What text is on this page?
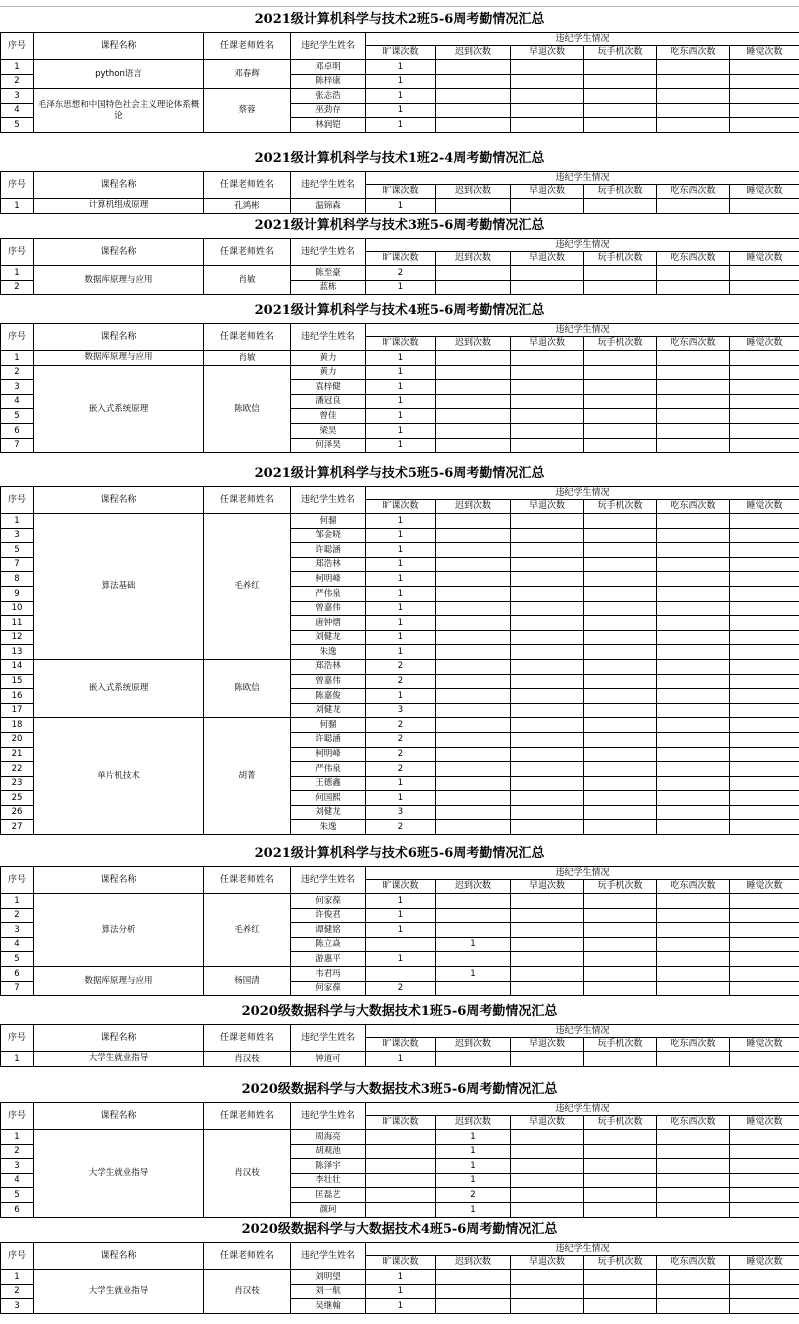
2021级计算机科学与技术2班5-6周考勤情况汇总
序号	课程名称	任课老师姓名	违纪学生姓名	违纪学生情况					
				旷课次数	迟到次数	早退次数	玩手机次数	吃东西次数	睡觉次数
1	python语言	邓春辉	邓卓明	1					
2			陈梓康	1					
3	毛泽东思想和中国特色社会主义理论体系概论	蔡蓉	张志浩	1					
4			巫劲存	1					
5			林润铠	1					
2021级计算机科学与技术1班2-4周考勤情况汇总
序号	课程名称	任课老师姓名	违纪学生姓名	违纪学生情况					
				旷课次数	迟到次数	早退次数	玩手机次数	吃东西次数	睡觉次数
1	计算机组成原理	孔鸿彬	温锦森	1					
2021级计算机科学与技术3班5-6周考勤情况汇总
序号	课程名称	任课老师姓名	违纪学生姓名	违纪学生情况					
				旷课次数	迟到次数	早退次数	玩手机次数	吃东西次数	睡觉次数
1	数据库原理与应用	肖敏	陈至豪	2					
2			蓝栋	1					
2021级计算机科学与技术4班5-6周考勤情况汇总
序号	课程名称	任课老师姓名	违纪学生姓名	违纪学生情况					
				旷课次数	迟到次数	早退次数	玩手机次数	吃东西次数	睡觉次数
1	数据库原理与应用	肖敏	黄力	1					
2	嵌入式系统原理	陈欧信	黄力	1					
3			袁梓健	1					
4			潘冠良	1					
5			曾佳	1					
6			梁昊	1					
7			何泽昊	1					
2021级计算机科学与技术5班5-6周考勤情况汇总
序号	课程名称	任课老师姓名	违纪学生姓名	违纪学生情况					
				旷课次数	迟到次数	早退次数	玩手机次数	吃东西次数	睡觉次数
1	算法基础	毛养红	何骝	1					
3			邹金晓	1					
5			许聪涵	1					
7			郑浩林	1					
8			柯明峰	1					
9			严伟泉	1					
10			曾嘉伟	1					
11			唐钟熠	1					
12			刘健龙	1					
13			朱逸	1					
14	嵌入式系统原理	陈欧信	郑浩林	2					
15			曾嘉伟	2					
16			陈嘉俊	1					
17			刘健龙	3					
18	单片机技术	胡菁	何骝	2					
20			许聪涵	2					
21			柯明峰	2					
22			严伟泉	2					
23			王德鑫	1					
25			何国熙	1					
26			刘健龙	3					
27			朱逸	2					
2021级计算机科学与技术6班5-6周考勤情况汇总
序号	课程名称	任课老师姓名	违纪学生姓名	违纪学生情况					
				旷课次数	迟到次数	早退次数	玩手机次数	吃东西次数	睡觉次数
1	算法分析	毛养红	何家葆	1					
2			许俊君	1					
3			谭健铭	1					
4			陈立焱		1				
5			游惠平	1					
6	数据库原理与应用	杨国清	韦君玛		1				
7			何家葆	2					
2020级数据科学与大数据技术1班5-6周考勤情况汇总
序号	课程名称	任课老师姓名	违纪学生姓名	违纪学生情况					
				旷课次数	迟到次数	早退次数	玩手机次数	吃东西次数	睡觉次数
1	大学生就业指导	肖汉枝	钟道可	1					
2020级数据科学与大数据技术3班5-6周考勤情况汇总
序号	课程名称	任课老师姓名	违纪学生姓名	违纪学生情况					
				旷课次数	迟到次数	早退次数	玩手机次数	吃东西次数	睡觉次数
1	大学生就业指导	肖汉枝	周海亮		1				
2			胡观池		1				
3			陈泽宇		1				
4			李壮壮		1				
5			匡磊艺		2				
6			颜珂		1				
2020级数据科学与大数据技术4班5-6周考勤情况汇总
序号	课程名称	任课老师姓名	违纪学生姓名	违纪学生情况					
				旷课次数	迟到次数	早退次数	玩手机次数	吃东西次数	睡觉次数
1	大学生就业指导	肖汉枝	刘明望	1					
2			刘一航	1					
3			吴继翰	1					
